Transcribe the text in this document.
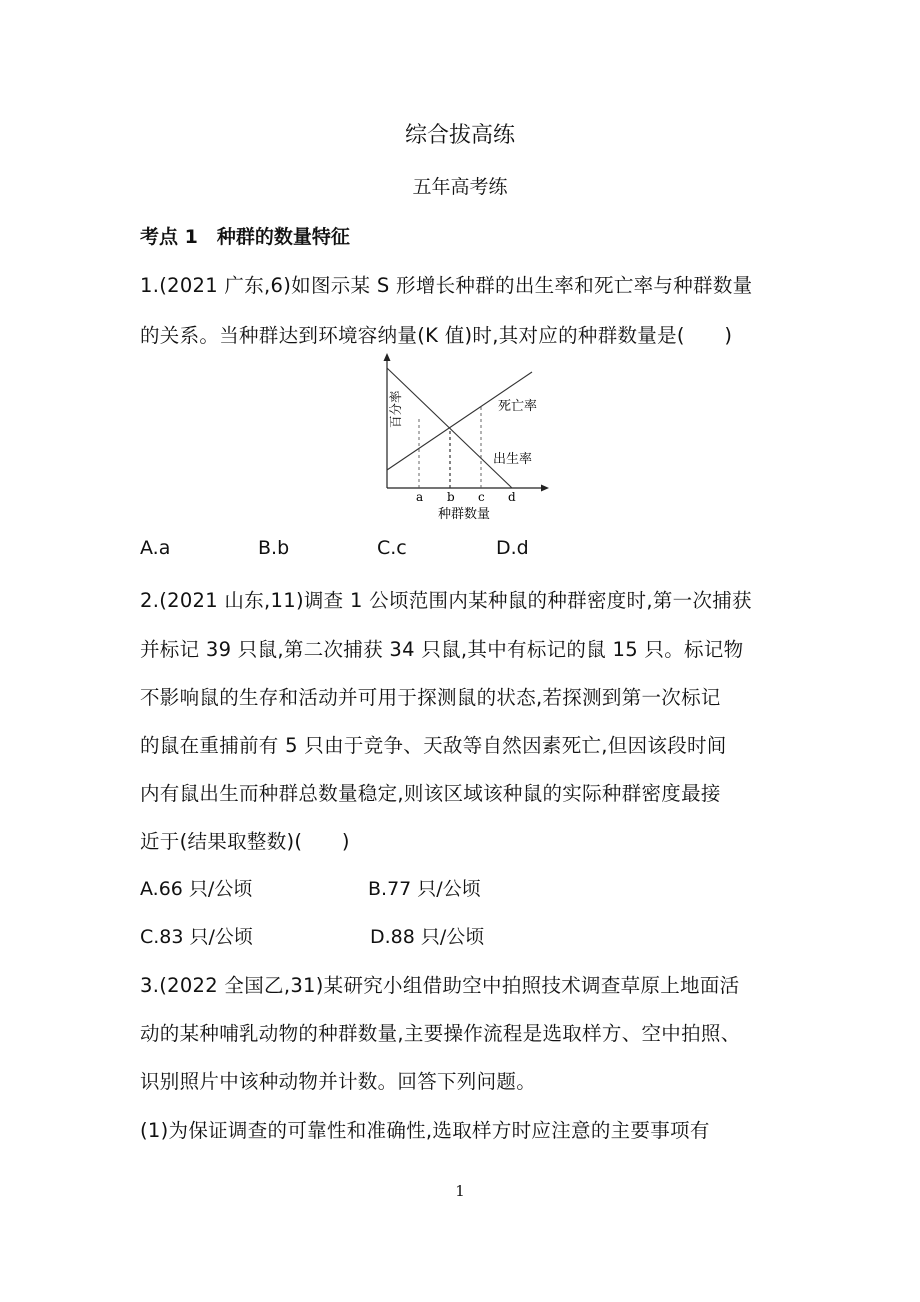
综合拔高练
五年高考练
考点 1　种群的数量特征
1.(2021 广东,6)如图示某 S 形增长种群的出生率和死亡率与种群数量
的关系。当种群达到环境容纳量(K 值)时,其对应的种群数量是(　　)
百分率	死亡率
出生率
a b c d
种群数量
A.a	B.b	C.c	D.d
2.(2021 山东,11)调查 1 公顷范围内某种鼠的种群密度时,第一次捕获
并标记 39 只鼠,第二次捕获 34 只鼠,其中有标记的鼠 15 只。标记物
不影响鼠的生存和活动并可用于探测鼠的状态,若探测到第一次标记
的鼠在重捕前有 5 只由于竞争、天敌等自然因素死亡,但因该段时间
内有鼠出生而种群总数量稳定,则该区域该种鼠的实际种群密度最接
近于(结果取整数)(　　)
A.66 只/公顷	B.77 只/公顷
C.83 只/公顷	D.88 只/公顷
3.(2022 全国乙,31)某研究小组借助空中拍照技术调查草原上地面活
动的某种哺乳动物的种群数量,主要操作流程是选取样方、空中拍照、
识别照片中该种动物并计数。回答下列问题。
(1)为保证调查的可靠性和准确性,选取样方时应注意的主要事项有
1
